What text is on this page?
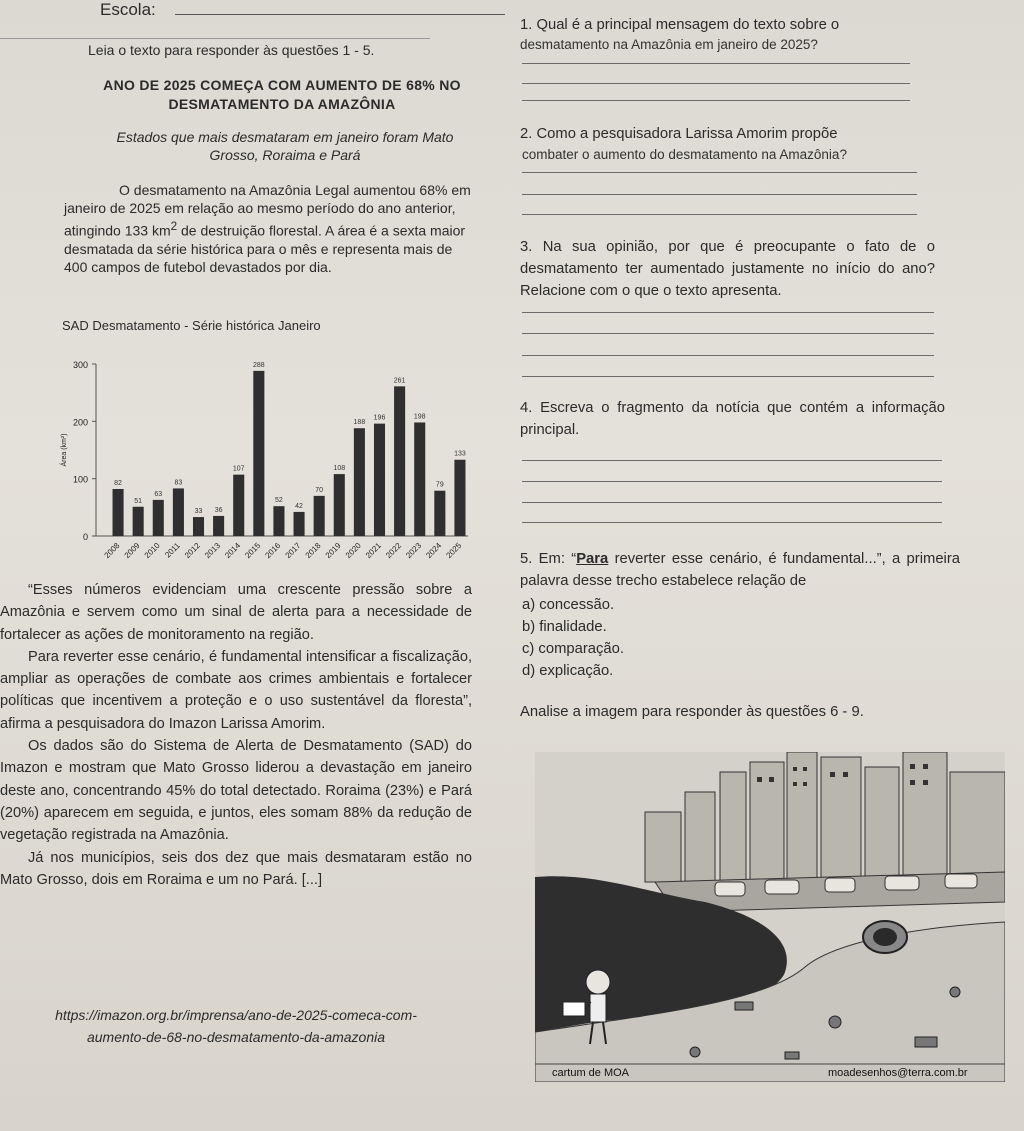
Escola:
Leia o texto para responder às questões 1 - 5.
ANO DE 2025 COMEÇA COM AUMENTO DE 68% NO
DESMATAMENTO DA AMAZÔNIA
Estados que mais desmataram em janeiro foram Mato
Grosso, Roraima e Pará
O desmatamento na Amazônia Legal aumentou 68% em janeiro de 2025 em relação ao mesmo período do ano anterior, atingindo 133 $km^2$ de destruição florestal. A área é a sexta maior desmatada da série histórica para o mês e representa mais de 400 campos de futebol devastados por dia.
SAD Desmatamento - Série histórica Janeiro
0
100
200
300
Área (km²)
82
2008
51
2009
63
2010
83
2011
33
2012
36
2013
107
2014
288
2015
52
2016
42
2017
70
2018
108
2019
188
2020
196
2021
261
2022
198
2023
79
2024
133
2025
“Esses números evidenciam uma crescente pressão sobre a Amazônia e servem como um sinal de alerta para a necessidade de fortalecer as ações de monitoramento na região.
Para reverter esse cenário, é fundamental intensificar a fiscalização, ampliar as operações de combate aos crimes ambientais e fortalecer políticas que incentivem a proteção e o uso sustentável da floresta”, afirma a pesquisadora do Imazon Larissa Amorim.
Os dados são do Sistema de Alerta de Desmatamento (SAD) do Imazon e mostram que Mato Grosso liderou a devastação em janeiro deste ano, concentrando 45% do total detectado. Roraima (23%) e Pará (20%) aparecem em seguida, e juntos, eles somam 88% da redução de vegetação registrada na Amazônia.
Já nos municípios, seis dos dez que mais desmataram estão no Mato Grosso, dois em Roraima e um no Pará. [...]
https://imazon.org.br/imprensa/ano-de-2025-comeca-com-
aumento-de-68-no-desmatamento-da-amazonia
1. Qual é a principal mensagem do texto sobre o
desmatamento na Amazônia em janeiro de 2025?
2. Como a pesquisadora Larissa Amorim propõe
combater o aumento do desmatamento na Amazônia?
3. Na sua opinião, por que é preocupante o fato de o desmatamento ter aumentado justamente no início do ano? Relacione com o que o texto apresenta.
4. Escreva o fragmento da notícia que contém a informação principal.
5. Em: “Para reverter esse cenário, é fundamental...”, a primeira palavra desse trecho estabelece relação de
a) concessão.
b) finalidade.
c) comparação.
d) explicação.
Analise a imagem para responder às questões 6 - 9.
cartum de MOA	moadesenhos@terra.com.br
